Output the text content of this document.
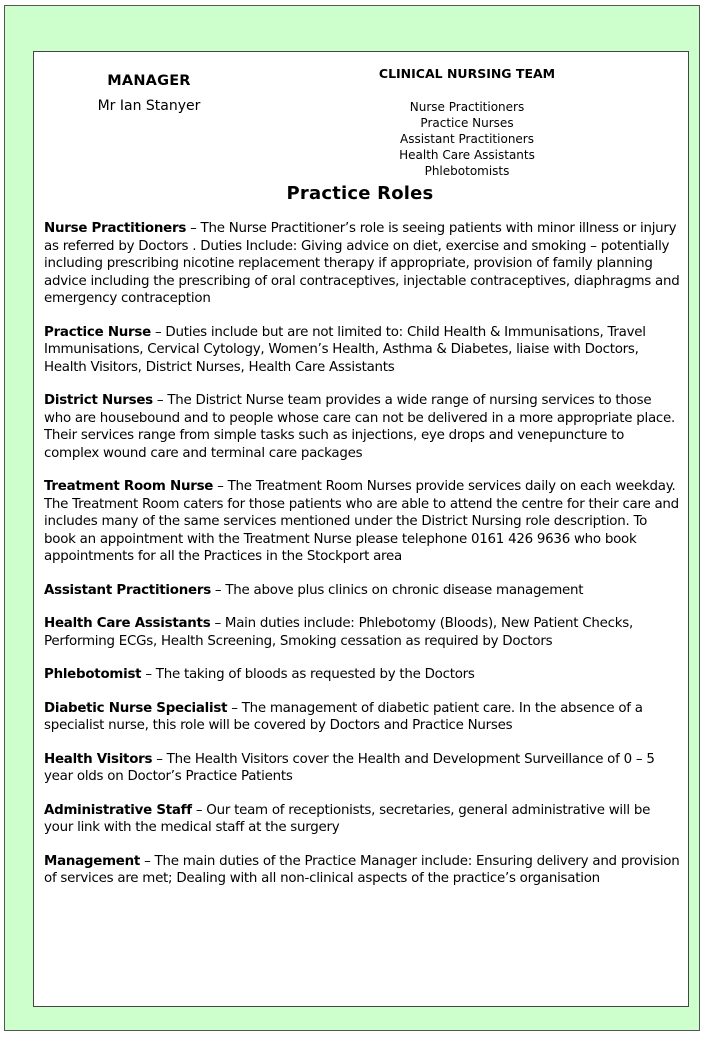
MANAGER
Mr Ian Stanyer
CLINICAL NURSING TEAM
Nurse Practitioners
Practice Nurses
Assistant Practitioners
Health Care Assistants
Phlebotomists
Practice Roles

Nurse Practitioners – The Nurse Practitioner’s role is seeing patients with minor illness or injury as referred by Doctors . Duties Include: Giving advice on diet, exercise and smoking – potentially including prescribing nicotine replacement therapy if appropriate, provision of family planning advice including the prescribing of oral contraceptives, injectable contraceptives, diaphragms and emergency contraception

Practice Nurse – Duties include but are not limited to: Child Health & Immunisations, Travel Immunisations, Cervical Cytology, Women’s Health, Asthma & Diabetes, liaise with Doctors, Health Visitors, District Nurses, Health Care Assistants

District Nurses – The District Nurse team provides a wide range of nursing services to those who are housebound and to people whose care can not be delivered in a more appropriate place. Their services range from simple tasks such as injections, eye drops and venepuncture to complex wound care and terminal care packages

Treatment Room Nurse – The Treatment Room Nurses provide services daily on each weekday. The Treatment Room caters for those patients who are able to attend the centre for their care and includes many of the same services mentioned under the District Nursing role description. To book an appointment with the Treatment Nurse please telephone 0161 426 9636 who book appointments for all the Practices in the Stockport area

Assistant Practitioners – The above plus clinics on chronic disease management

Health Care Assistants – Main duties include: Phlebotomy (Bloods), New Patient Checks, Performing ECGs, Health Screening, Smoking cessation as required by Doctors

Phlebotomist – The taking of bloods as requested by the Doctors

Diabetic Nurse Specialist – The management of diabetic patient care. In the absence of a specialist nurse, this role will be covered by Doctors and Practice Nurses

Health Visitors – The Health Visitors cover the Health and Development Surveillance of 0 – 5 year olds on Doctor’s Practice Patients

Administrative Staff – Our team of receptionists, secretaries, general administrative will be your link with the medical staff at the surgery

Management – The main duties of the Practice Manager include: Ensuring delivery and provision of services are met; Dealing with all non-clinical aspects of the practice’s organisation
